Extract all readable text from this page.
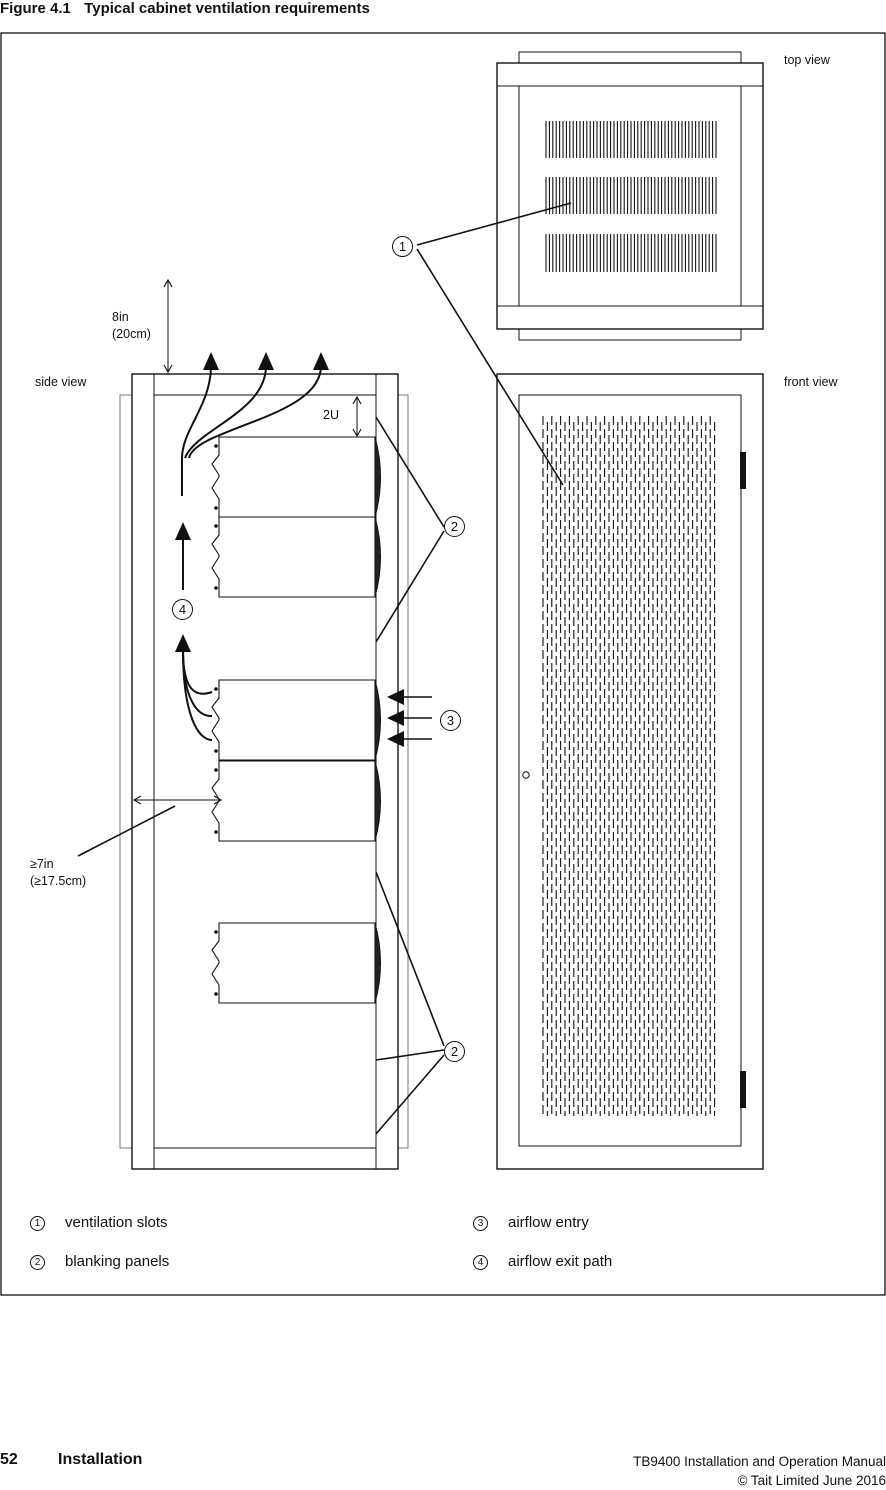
Figure 4.1 Typical cabinet ventilation requirements
top view
side view	front view
8in
(20cm)
2U
≥7in
(≥17.5cm)
1
2
3
4
2
1 ventilation slots
2 blanking panels
3 airflow entry
4 airflow exit path
52	Installation	TB9400 Installation and Operation Manual
© Tait Limited June 2016
